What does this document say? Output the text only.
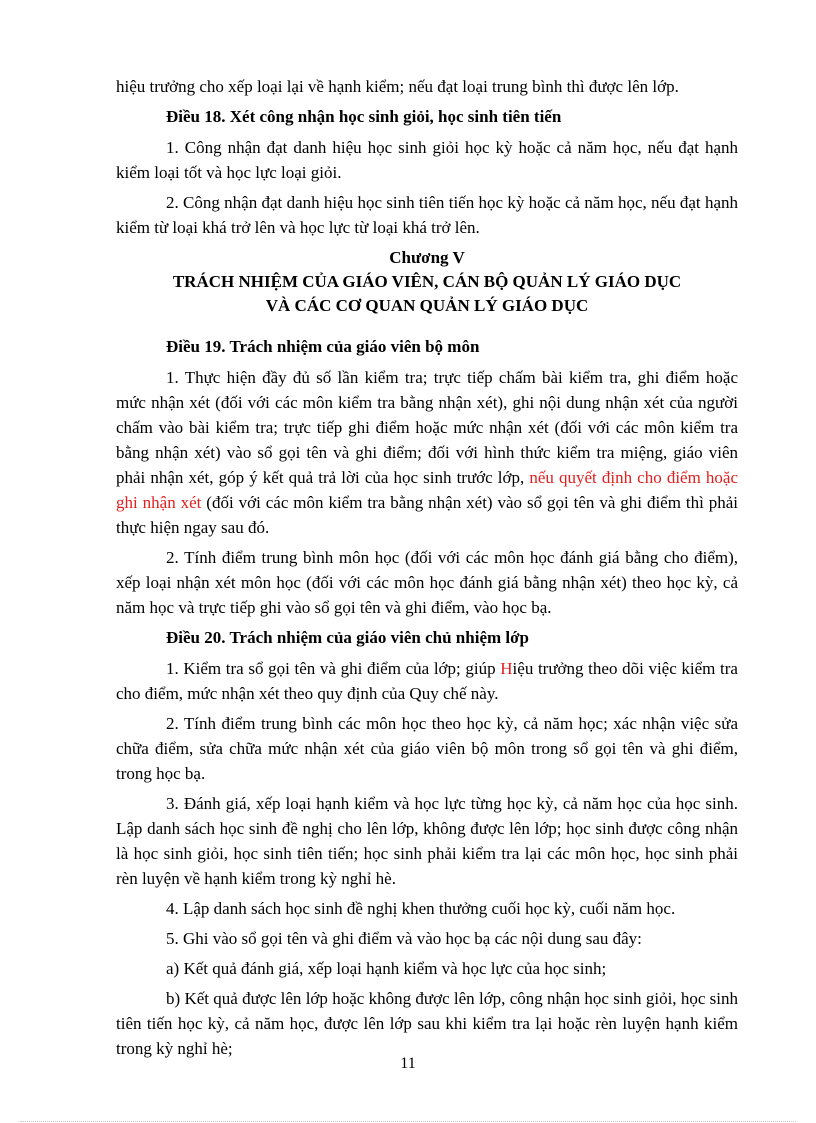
hiệu trưởng cho xếp loại lại về hạnh kiểm; nếu đạt loại trung bình thì được lên lớp.

Điều 18. Xét công nhận học sinh giỏi, học sinh tiên tiến

1. Công nhận đạt danh hiệu học sinh giỏi học kỳ hoặc cả năm học, nếu đạt hạnh kiểm loại tốt và học lực loại giỏi.

2. Công nhận đạt danh hiệu học sinh tiên tiến học kỳ hoặc cả năm học, nếu đạt hạnh kiểm từ loại khá trở lên và học lực từ loại khá trở lên.

Chương V
TRÁCH NHIỆM CỦA GIÁO VIÊN, CÁN BỘ QUẢN LÝ GIÁO DỤC
VÀ CÁC CƠ QUAN QUẢN LÝ GIÁO DỤC

Điều 19. Trách nhiệm của giáo viên bộ môn

1. Thực hiện đầy đủ số lần kiểm tra; trực tiếp chấm bài kiểm tra, ghi điểm hoặc mức nhận xét (đối với các môn kiểm tra bằng nhận xét), ghi nội dung nhận xét của người chấm vào bài kiểm tra; trực tiếp ghi điểm hoặc mức nhận xét (đối với các môn kiểm tra bằng nhận xét) vào sổ gọi tên và ghi điểm; đối với hình thức kiểm tra miệng, giáo viên phải nhận xét, góp ý kết quả trả lời của học sinh trước lớp, nếu quyết định cho điểm hoặc ghi nhận xét (đối với các môn kiểm tra bằng nhận xét) vào sổ gọi tên và ghi điểm thì phải thực hiện ngay sau đó.

2. Tính điểm trung bình môn học (đối với các môn học đánh giá bằng cho điểm), xếp loại nhận xét môn học (đối với các môn học đánh giá bằng nhận xét) theo học kỳ, cả năm học và trực tiếp ghi vào sổ gọi tên và ghi điểm, vào học bạ.

Điều 20. Trách nhiệm của giáo viên chủ nhiệm lớp

1. Kiểm tra sổ gọi tên và ghi điểm của lớp; giúp Hiệu trưởng theo dõi việc kiểm tra cho điểm, mức nhận xét theo quy định của Quy chế này.

2. Tính điểm trung bình các môn học theo học kỳ, cả năm học; xác nhận việc sửa chữa điểm, sửa chữa mức nhận xét của giáo viên bộ môn trong sổ gọi tên và ghi điểm, trong học bạ.

3. Đánh giá, xếp loại hạnh kiểm và học lực từng học kỳ, cả năm học của học sinh. Lập danh sách học sinh đề nghị cho lên lớp, không được lên lớp; học sinh được công nhận là học sinh giỏi, học sinh tiên tiến; học sinh phải kiểm tra lại các môn học, học sinh phải rèn luyện về hạnh kiểm trong kỳ nghỉ hè.

4. Lập danh sách học sinh đề nghị khen thưởng cuối học kỳ, cuối năm học.

5. Ghi vào sổ gọi tên và ghi điểm và vào học bạ các nội dung sau đây:

a) Kết quả đánh giá, xếp loại hạnh kiểm và học lực của học sinh;

b) Kết quả được lên lớp hoặc không được lên lớp, công nhận học sinh giỏi, học sinh tiên tiến học kỳ, cả năm học, được lên lớp sau khi kiểm tra lại hoặc rèn luyện hạnh kiểm trong kỳ nghỉ hè;

11
